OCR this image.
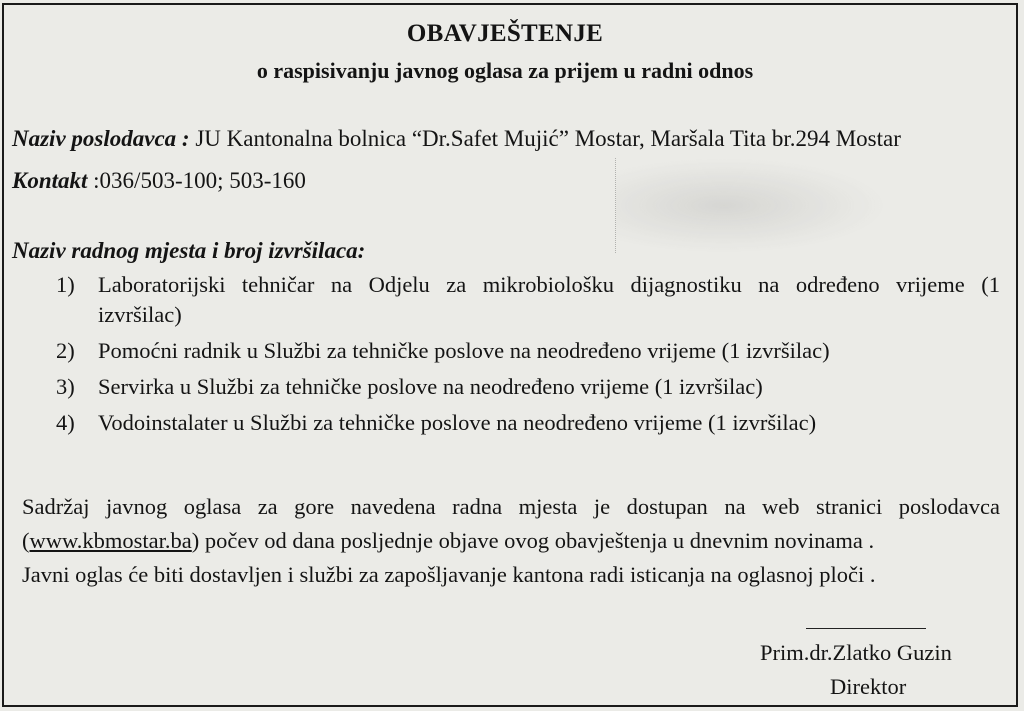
OBAVJEŠTENJE
o raspisivanju javnog oglasa za prijem u radni odnos
Naziv poslodavca : JU Kantonalna bolnica “Dr.Safet Mujić” Mostar, Maršala Tita br.294 Mostar
Kontakt :036/503-100; 503-160
Naziv radnog mjesta i broj izvršilaca:
1) Laboratorijski tehničar na Odjelu za mikrobiološku dijagnostiku na određeno vrijeme (1 izvršilac)
2) Pomoćni radnik u Službi za tehničke poslove na neodređeno vrijeme (1 izvršilac)
3) Servirka u Službi za tehničke poslove na neodređeno vrijeme (1 izvršilac)
4) Vodoinstalater u Službi za tehničke poslove na neodređeno vrijeme (1 izvršilac)
Sadržaj javnog oglasa za gore navedena radna mjesta je dostupan na web stranici poslodavca
(www.kbmostar.ba) počev od dana posljednje objave ovog obavještenja u dnevnim novinama .
Javni oglas će biti dostavljen i službi za zapošljavanje kantona radi isticanja na oglasnoj ploči .
Prim.dr.Zlatko Guzin
Direktor
